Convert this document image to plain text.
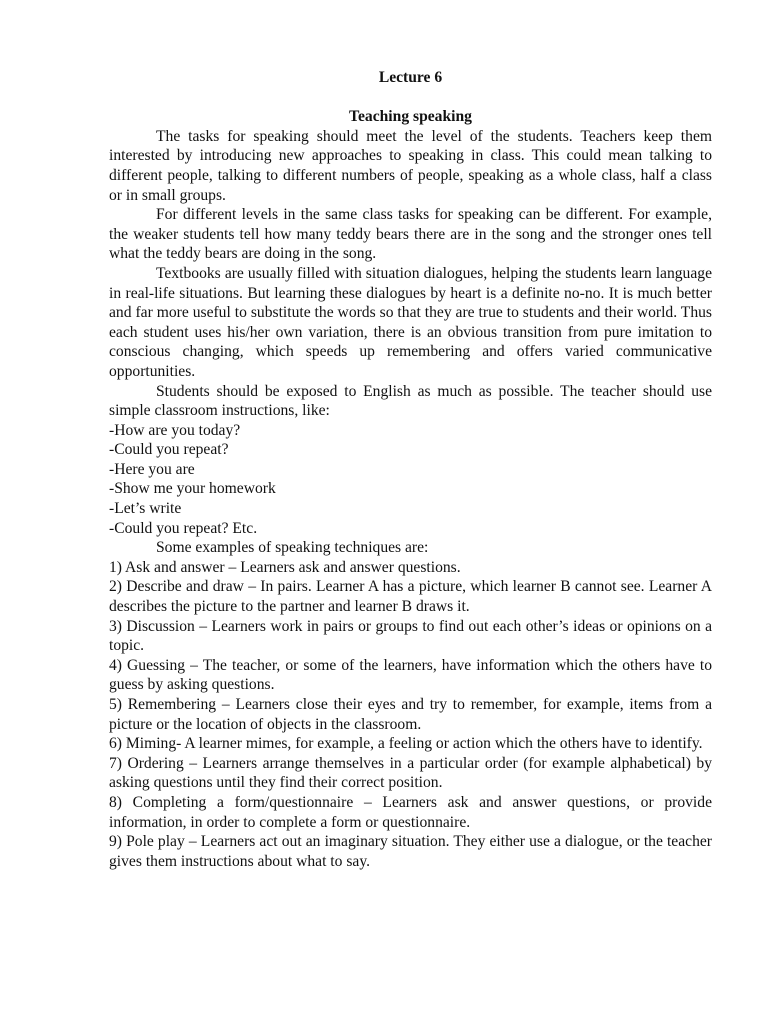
Lecture 6

Teaching speaking

The tasks for speaking should meet the level of the students. Teachers keep them interested by introducing new approaches to speaking in class. This could mean talking to different people, talking to different numbers of people, speaking as a whole class, half a class or in small groups.

For different levels in the same class tasks for speaking can be different. For example, the weaker students tell how many teddy bears there are in the song and the stronger ones tell what the teddy bears are doing in the song.

Textbooks are usually filled with situation dialogues, helping the students learn language in real-life situations. But learning these dialogues by heart is a definite no-no. It is much better and far more useful to substitute the words so that they are true to students and their world. Thus each student uses his/her own variation, there is an obvious transition from pure imitation to conscious changing, which speeds up remembering and offers varied communicative opportunities.

Students should be exposed to English as much as possible. The teacher should use simple classroom instructions, like:

-How are you today?

-Could you repeat?

-Here you are

-Show me your homework

-Let’s write

-Could you repeat? Etc.

Some examples of speaking techniques are:

1) Ask and answer – Learners ask and answer questions.

2) Describe and draw – In pairs. Learner A has a picture, which learner B cannot see. Learner A describes the picture to the partner and learner B draws it.

3) Discussion – Learners work in pairs or groups to find out each other’s ideas or opinions on a topic.

4) Guessing – The teacher, or some of the learners, have information which the others have to guess by asking questions.

5) Remembering – Learners close their eyes and try to remember, for example, items from a picture or the location of objects in the classroom.

6) Miming- A learner mimes, for example, a feeling or action which the others have to identify.

7) Ordering – Learners arrange themselves in a particular order (for example alphabetical) by asking questions until they find their correct position.

8) Completing a form/questionnaire – Learners ask and answer questions, or provide information, in order to complete a form or questionnaire.

9) Pole play – Learners act out an imaginary situation. They either use a dialogue, or the teacher gives them instructions about what to say.
